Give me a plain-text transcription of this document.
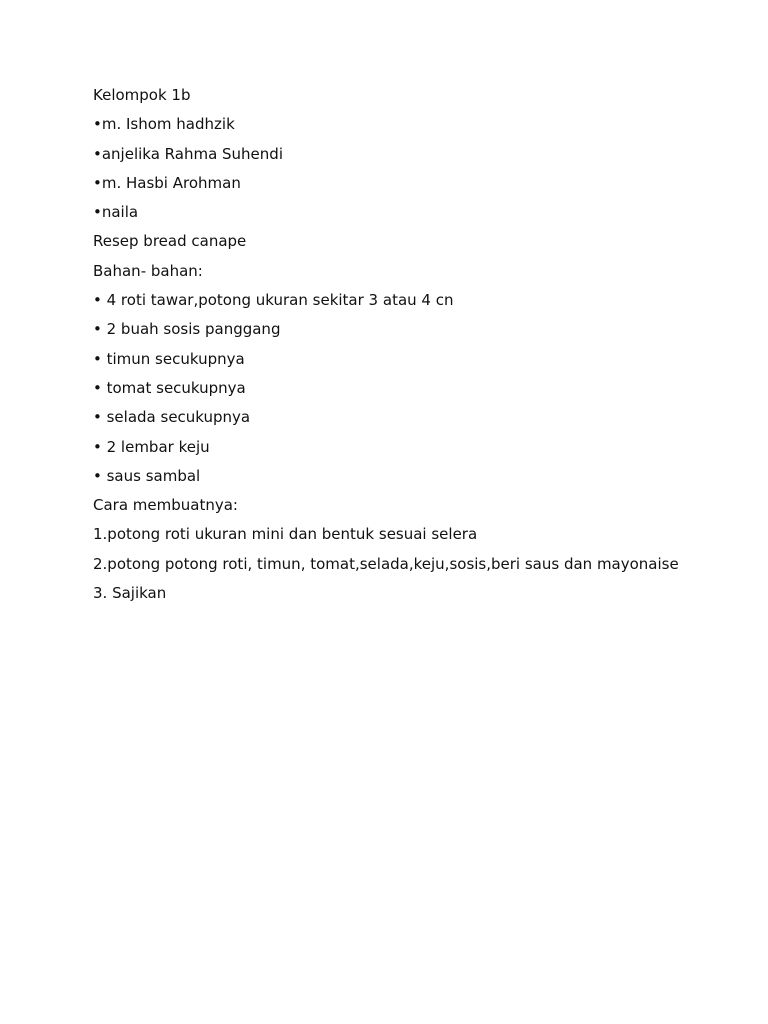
Kelompok 1b

•m. Ishom hadhzik

•anjelika Rahma Suhendi

•m. Hasbi Arohman

•naila

Resep bread canape

Bahan- bahan:

• 4 roti tawar,potong ukuran sekitar 3 atau 4 cn

• 2 buah sosis panggang

• timun secukupnya

• tomat secukupnya

• selada secukupnya

• 2 lembar keju

• saus sambal

Cara membuatnya:

1.potong roti ukuran mini dan bentuk sesuai selera

2.potong potong roti, timun, tomat,selada,keju,sosis,beri saus dan mayonaise

3. Sajikan
